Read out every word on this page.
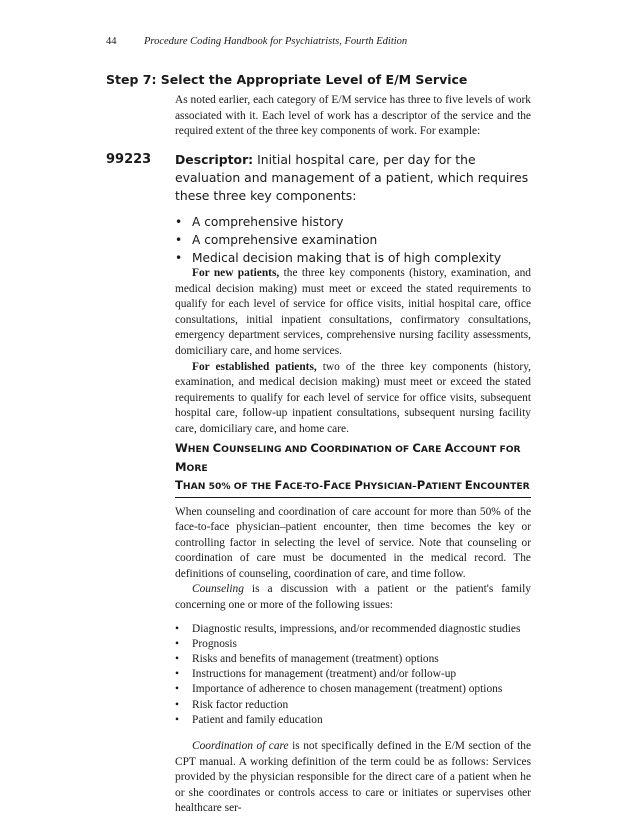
44	Procedure Coding Handbook for Psychiatrists, Fourth Edition
Step 7: Select the Appropriate Level of E/M Service

As noted earlier, each category of E/M service has three to five levels of work associated with it. Each level of work has a descriptor of the service and the required extent of the three key components of work. For example:

99223 Descriptor: Initial hospital care, per day for the evaluation and management of a patient, which requires these three key components:

• A comprehensive history
• A comprehensive examination
• Medical decision making that is of high complexity

For new patients, the three key components (history, examination, and medical decision making) must meet or exceed the stated requirements to qualify for each level of service for office visits, initial hospital care, office consultations, initial inpatient consultations, confirmatory consultations, emergency department services, comprehensive nursing facility assessments, domiciliary care, and home services.

For established patients, two of the three key components (history, examination, and medical decision making) must meet or exceed the stated requirements to qualify for each level of service for office visits, subsequent hospital care, follow-up inpatient consultations, subsequent nursing facility care, domiciliary care, and home care.

WHEN COUNSELING AND COORDINATION OF CARE ACCOUNT FOR MORE
THAN 50% OF THE FACE-TO-FACE PHYSICIAN–PATIENT ENCOUNTER

When counseling and coordination of care account for more than 50% of the face-to-face physician–patient encounter, then time becomes the key or controlling factor in selecting the level of service. Note that counseling or coordination of care must be documented in the medical record. The definitions of counseling, coordination of care, and time follow.

Counseling is a discussion with a patient or the patient's family concerning one or more of the following issues:

• Diagnostic results, impressions, and/or recommended diagnostic studies
• Prognosis
• Risks and benefits of management (treatment) options
• Instructions for management (treatment) and/or follow-up
• Importance of adherence to chosen management (treatment) options
• Risk factor reduction
• Patient and family education

Coordination of care is not specifically defined in the E/M section of the CPT manual. A working definition of the term could be as follows: Services provided by the physician responsible for the direct care of a patient when he or she coordinates or controls access to care or initiates or supervises other healthcare ser-
